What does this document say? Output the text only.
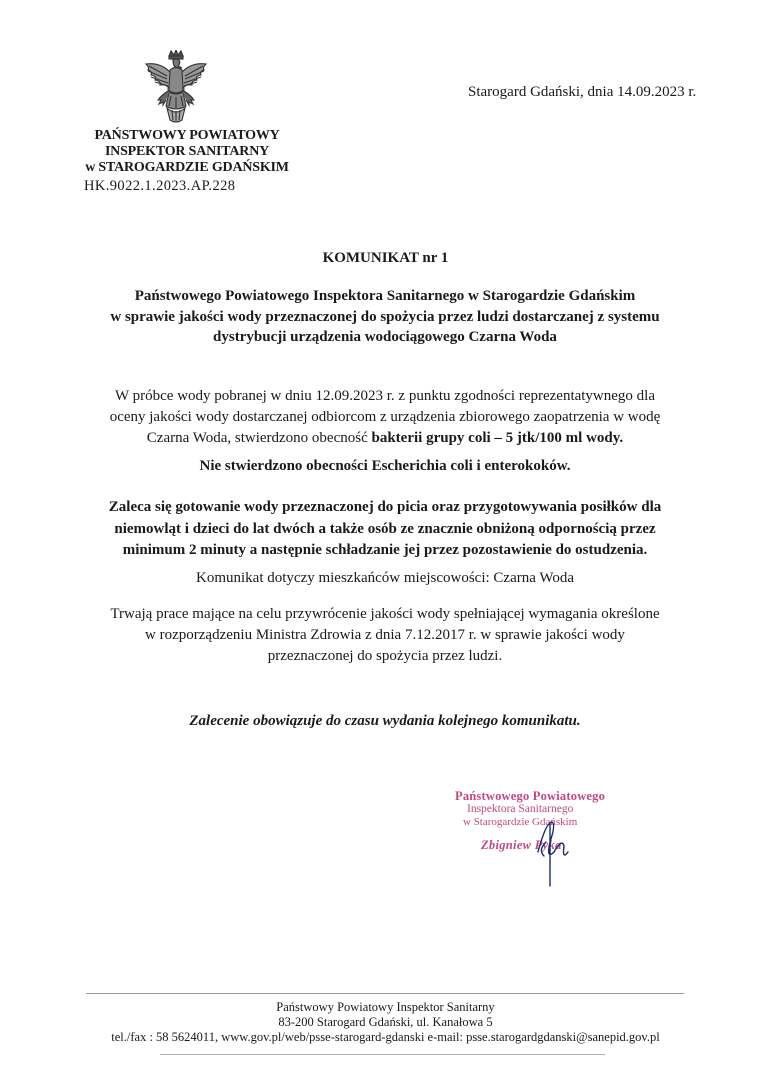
Starogard Gdański, dnia 14.09.2023 r.
PAŃSTWOWY POWIATOWY
INSPEKTOR SANITARNY
w STAROGARDZIE GDAŃSKIM
HK.9022.1.2023.AP.228
KOMUNIKAT nr 1
Państwowego Powiatowego Inspektora Sanitarnego w Starogardzie Gdańskim
w sprawie jakości wody przeznaczonej do spożycia przez ludzi dostarczanej z systemu
dystrybucji urządzenia wodociągowego Czarna Woda
W próbce wody pobranej w dniu 12.09.2023 r. z punktu zgodności reprezentatywnego dla
oceny jakości wody dostarczanej odbiorcom z urządzenia zbiorowego zaopatrzenia w wodę
Czarna Woda, stwierdzono obecność bakterii grupy coli – 5 jtk/100 ml wody.
Nie stwierdzono obecności Escherichia coli i enterokoków.
Zaleca się gotowanie wody przeznaczonej do picia oraz przygotowywania posiłków dla
niemowląt i dzieci do lat dwóch a także osób ze znacznie obniżoną odpornością przez
minimum 2 minuty a następnie schładzanie jej przez pozostawienie do ostudzenia.
Komunikat dotyczy mieszkańców miejscowości: Czarna Woda
Trwają prace mające na celu przywrócenie jakości wody spełniającej wymagania określone
w rozporządzeniu Ministra Zdrowia z dnia 7.12.2017 r. w sprawie jakości wody
przeznaczonej do spożycia przez ludzi.
Zalecenie obowiązuje do czasu wydania kolejnego komunikatu.
Państwowego Powiatowego
Inspektora Sanitarnego
w Starogardzie Gdańskim
Zbigniew Pyka
Państwowy Powiatowy Inspektor Sanitarny
83-200 Starogard Gdański, ul. Kanałowa 5
tel./fax : 58 5624011, www.gov.pl/web/psse-starogard-gdanski e-mail: psse.starogardgdanski@sanepid.gov.pl
